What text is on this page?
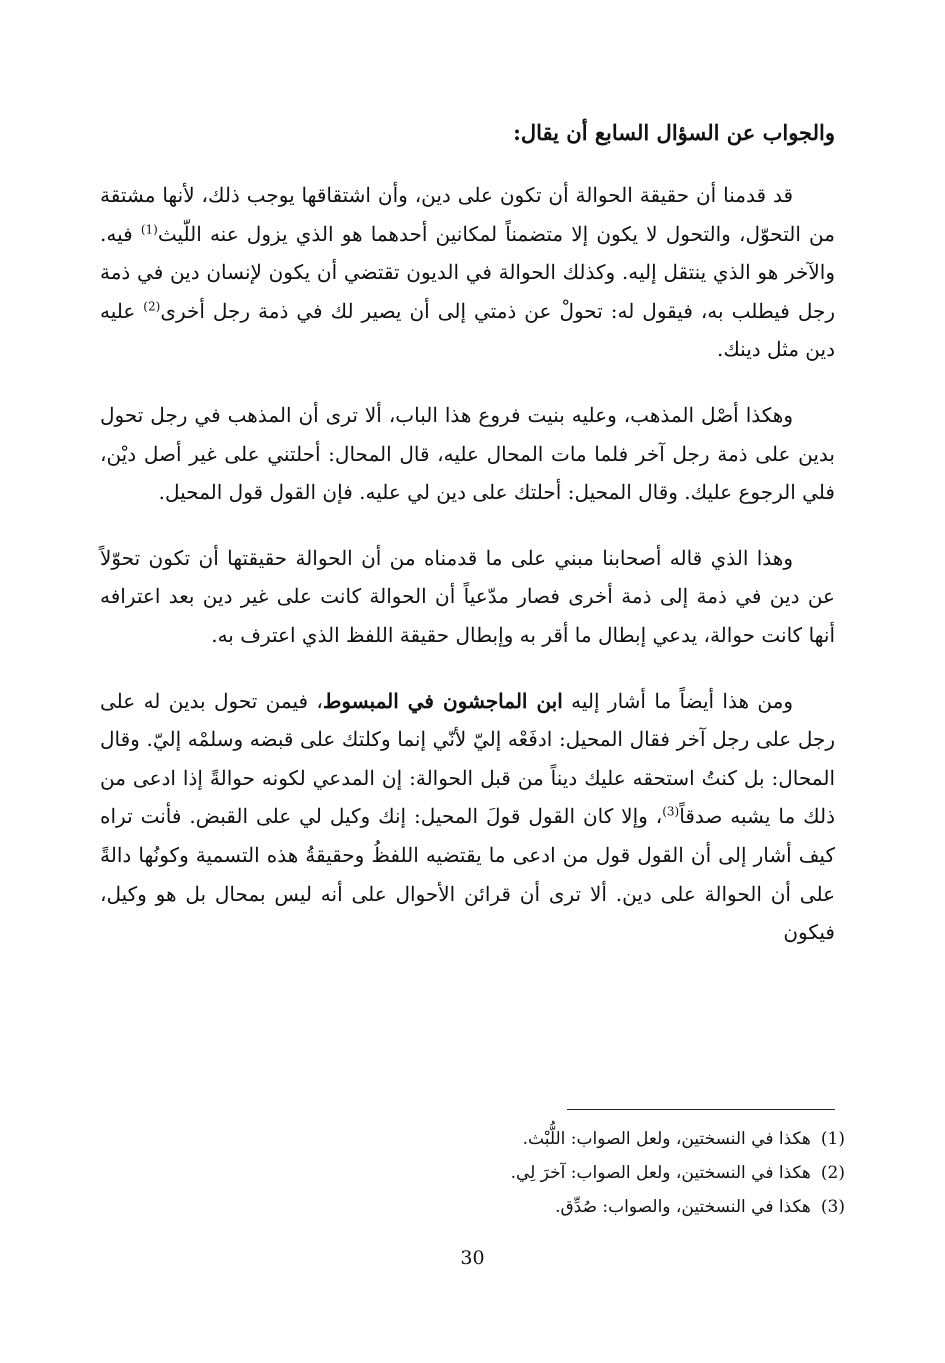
والجواب عن السؤال السابع أن يقال:

قد قدمنا أن حقيقة الحوالة أن تكون على دين، وأن اشتقاقها يوجب ذلك، لأنها مشتقة من التحوّل، والتحول لا يكون إلا متضمناً لمكانين أحدهما هو الذي يزول عنه اللّيث$^{(1)}$ فيه. والآخر هو الذي ينتقل إليه. وكذلك الحوالة في الديون تقتضي أن يكون لإنسان دين في ذمة رجل فيطلب به، فيقول له: تحولْ عن ذمتي إلى أن يصير لك في ذمة رجل أخرى$^{(2)}$ عليه دين مثل دينك.

وهكذا أصْل المذهب، وعليه بنيت فروع هذا الباب، ألا ترى أن المذهب في رجل تحول بدين على ذمة رجل آخر فلما مات المحال عليه، قال المحال: أحلتني على غير أصل ديْن، فلي الرجوع عليك. وقال المحيل: أحلتك على دين لي عليه. فإن القول قول المحيل.

وهذا الذي قاله أصحابنا مبني على ما قدمناه من أن الحوالة حقيقتها أن تكون تحوّلاً عن دين في ذمة إلى ذمة أخرى فصار مدّعياً أن الحوالة كانت على غير دين بعد اعترافه أنها كانت حوالة، يدعي إبطال ما أقر به وإبطال حقيقة اللفظ الذي اعترف به.

ومن هذا أيضاً ما أشار إليه ابن الماجشون في المبسوط، فيمن تحول بدين له على رجل على رجل آخر فقال المحيل: ادفَعْه إليّ لأنّي إنما وكلتك على قبضه وسلمْه إليّ. وقال المحال: بل كنتُ استحقه عليك ديناً من قبل الحوالة: إن المدعي لكونه حوالةً إذا ادعى من ذلك ما يشبه صدقاً$^{(3)}$، وإلا كان القول قولَ المحيل: إنك وكيل لي على القبض. فأنت تراه كيف أشار إلى أن القول قول من ادعى ما يقتضيه اللفظُ وحقيقةُ هذه التسمية وكونُها دالةً على أن الحوالة على دين. ألا ترى أن قرائن الأحوال على أنه ليس بمحال بل هو وكيل، فيكون

(1)هكذا في النسختين، ولعل الصواب: اللُّبْث.
(2)هكذا في النسختين، ولعل الصواب: آخرَ لِي.
(3)هكذا في النسختين، والصواب: صُدِّق.
30
